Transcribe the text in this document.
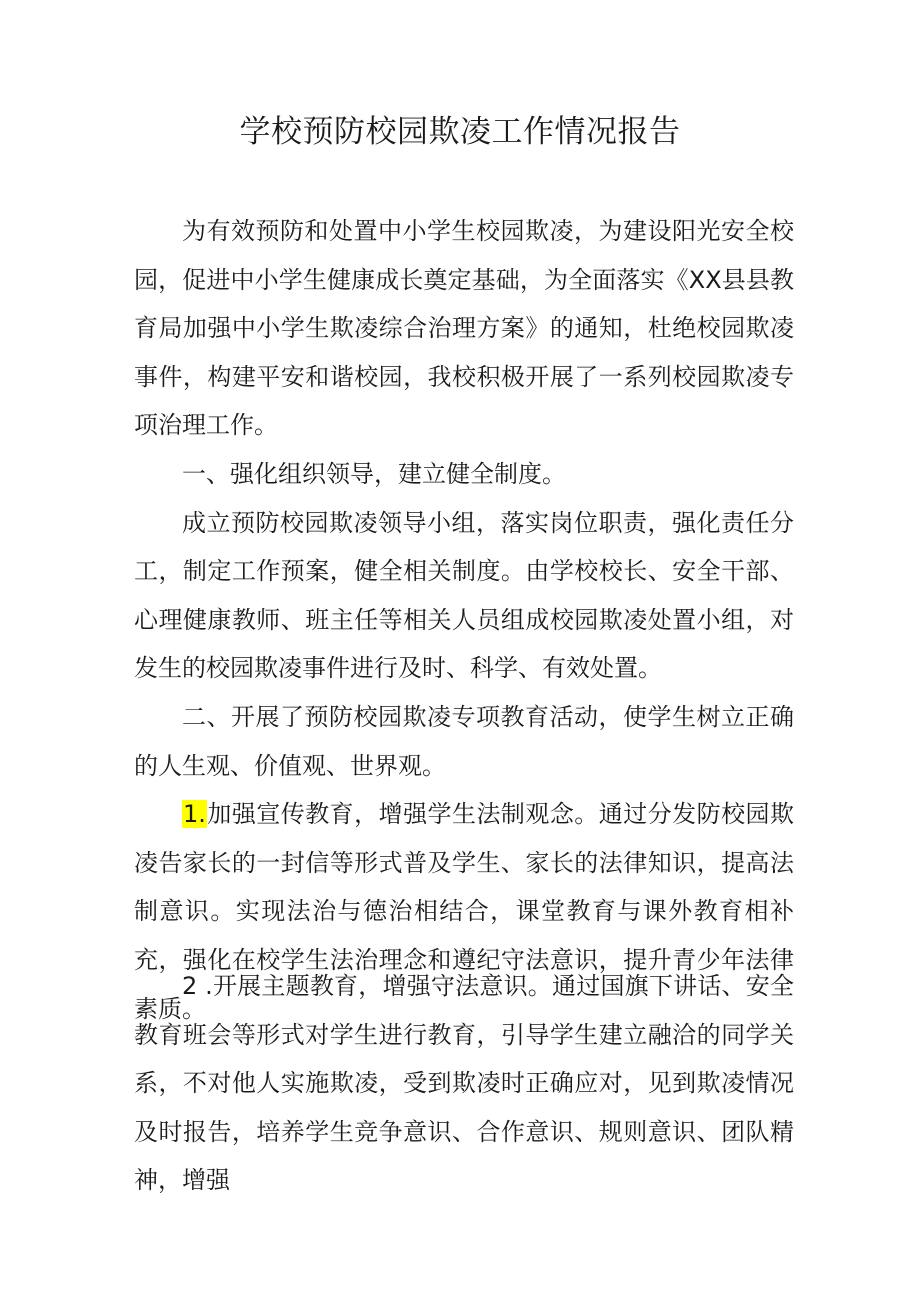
学校预防校园欺凌工作情况报告

为有效预防和处置中小学生校园欺凌，为建设阳光安全校园，促进中小学生健康成长奠定基础，为全面落实《XX县县教育局加强中小学生欺凌综合治理方案》的通知，杜绝校园欺凌事件，构建平安和谐校园，我校积极开展了一系列校园欺凌专项治理工作。

一、强化组织领导，建立健全制度。

成立预防校园欺凌领导小组，落实岗位职责，强化责任分工，制定工作预案，健全相关制度。由学校校长、安全干部、心理健康教师、班主任等相关人员组成校园欺凌处置小组，对发生的校园欺凌事件进行及时、科学、有效处置。

二、开展了预防校园欺凌专项教育活动，使学生树立正确的人生观、价值观、世界观。

1.加强宣传教育，增强学生法制观念。通过分发防校园欺凌告家长的一封信等形式普及学生、家长的法律知识，提高法制意识。实现法治与德治相结合，课堂教育与课外教育相补充，强化在校学生法治理念和遵纪守法意识，提升青少年法律素质。

2 .开展主题教育，增强守法意识。通过国旗下讲话、安全教育班会等形式对学生进行教育，引导学生建立融洽的同学关系，不对他人实施欺凌，受到欺凌时正确应对，见到欺凌情况及时报告，培养学生竞争意识、合作意识、规则意识、团队精神，增强
